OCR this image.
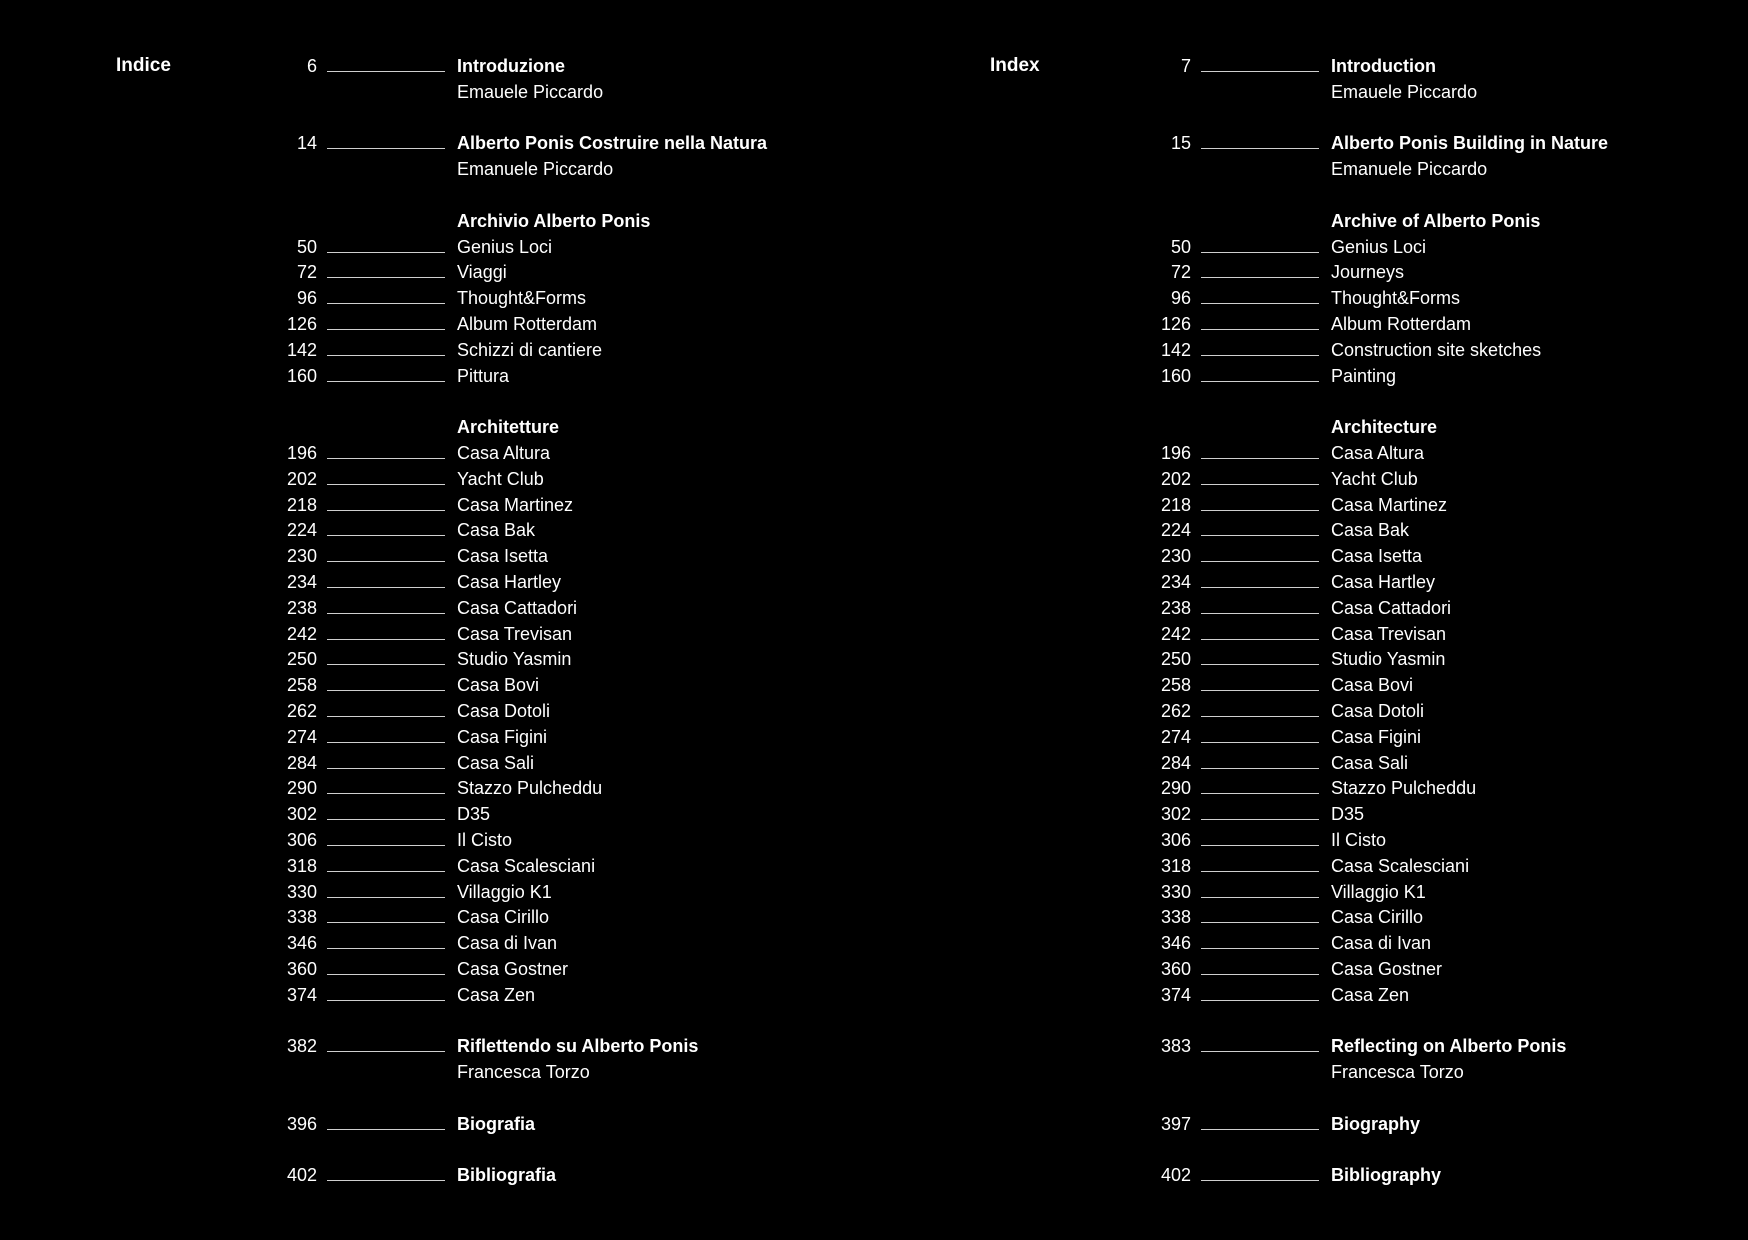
Indice	6	Introduzione
Emauele Piccardo
14	Alberto Ponis Costruire nella Natura
Emanuele Piccardo
Archivio Alberto Ponis
50	Genius Loci
72	Viaggi
96	Thought&Forms
126	Album Rotterdam
142	Schizzi di cantiere
160	Pittura
Architetture
196	Casa Altura
202	Yacht Club
218	Casa Martinez
224	Casa Bak
230	Casa Isetta
234	Casa Hartley
238	Casa Cattadori
242	Casa Trevisan
250	Studio Yasmin
258	Casa Bovi
262	Casa Dotoli
274	Casa Figini
284	Casa Sali
290	Stazzo Pulcheddu
302	D35
306	Il Cisto
318	Casa Scalesciani
330	Villaggio K1
338	Casa Cirillo
346	Casa di Ivan
360	Casa Gostner
374	Casa Zen
382	Riflettendo su Alberto Ponis
Francesca Torzo
396	Biografia
402	Bibliografia
Index	7	Introduction
Emauele Piccardo
15	Alberto Ponis Building in Nature
Emanuele Piccardo
Archive of Alberto Ponis
50	Genius Loci
72	Journeys
96	Thought&Forms
126	Album Rotterdam
142	Construction site sketches
160	Painting
Architecture
196	Casa Altura
202	Yacht Club
218	Casa Martinez
224	Casa Bak
230	Casa Isetta
234	Casa Hartley
238	Casa Cattadori
242	Casa Trevisan
250	Studio Yasmin
258	Casa Bovi
262	Casa Dotoli
274	Casa Figini
284	Casa Sali
290	Stazzo Pulcheddu
302	D35
306	Il Cisto
318	Casa Scalesciani
330	Villaggio K1
338	Casa Cirillo
346	Casa di Ivan
360	Casa Gostner
374	Casa Zen
383	Reflecting on Alberto Ponis
Francesca Torzo
397	Biography
402	Bibliography
